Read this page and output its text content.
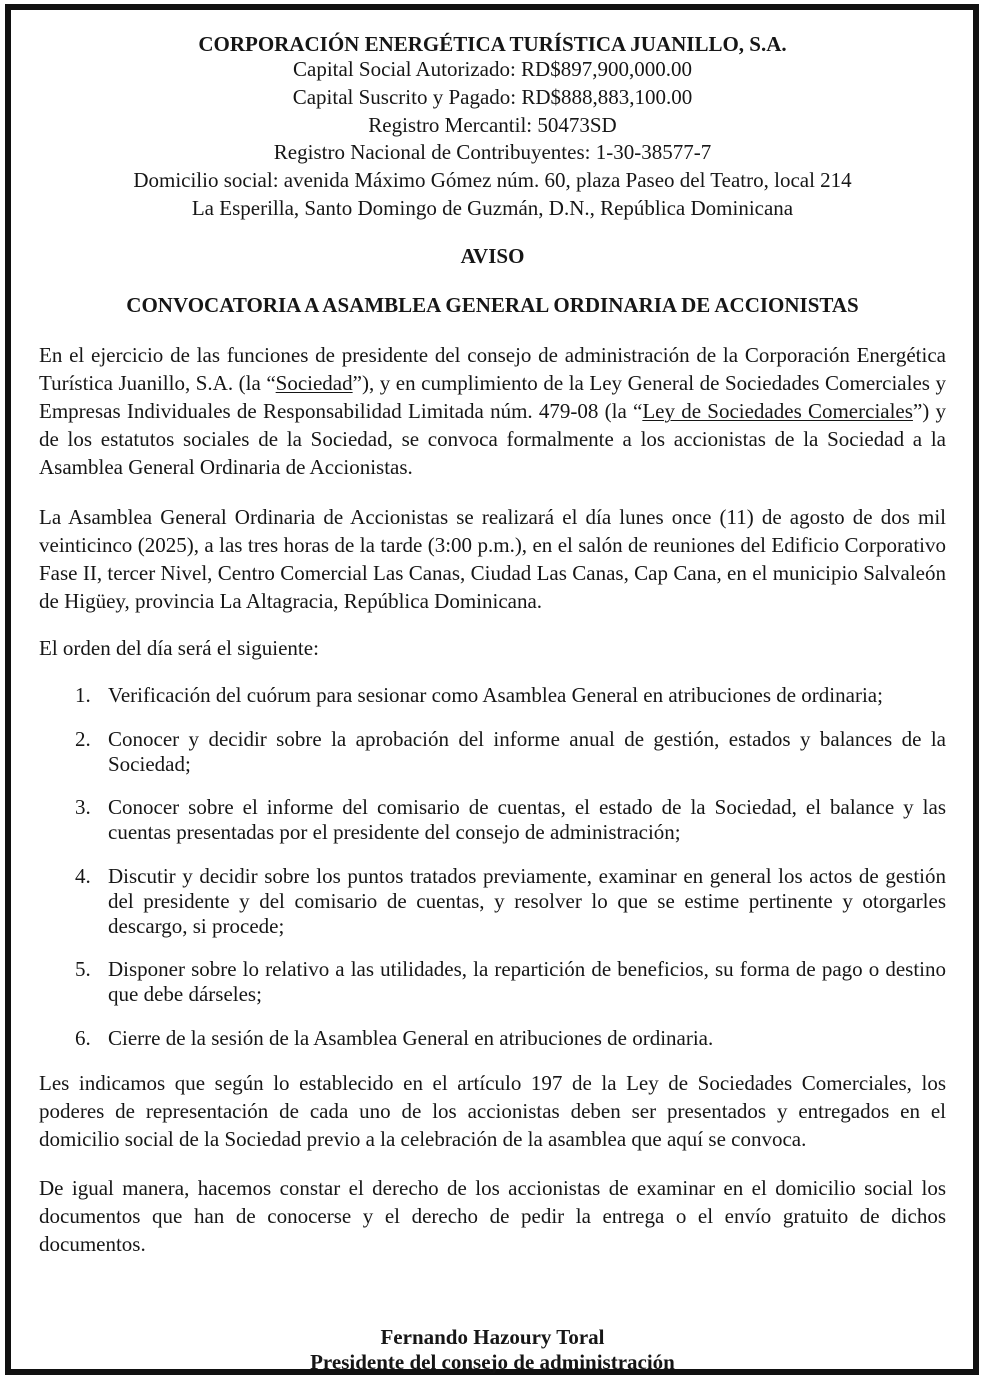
CORPORACIÓN ENERGÉTICA TURÍSTICA JUANILLO, S.A.
Capital Social Autorizado: RD$897,900,000.00
Capital Suscrito y Pagado: RD$888,883,100.00
Registro Mercantil: 50473SD
Registro Nacional de Contribuyentes: 1-30-38577-7
Domicilio social: avenida Máximo Gómez núm. 60, plaza Paseo del Teatro, local 214
La Esperilla, Santo Domingo de Guzmán, D.N., República Dominicana
AVISO
CONVOCATORIA A ASAMBLEA GENERAL ORDINARIA DE ACCIONISTAS

En el ejercicio de las funciones de presidente del consejo de administración de la Corporación Energética Turística Juanillo, S.A. (la “Sociedad”), y en cumplimiento de la Ley General de Sociedades Comerciales y Empresas Individuales de Responsabilidad Limitada núm. 479-08 (la “Ley de Sociedades Comerciales”) y de los estatutos sociales de la Sociedad, se convoca formalmente a los accionistas de la Sociedad a la Asamblea General Ordinaria de Accionistas.

La Asamblea General Ordinaria de Accionistas se realizará el día lunes once (11) de agosto de dos mil veinticinco (2025), a las tres horas de la tarde (3:00 p.m.), en el salón de reuniones del Edificio Corporativo Fase II, tercer Nivel, Centro Comercial Las Canas, Ciudad Las Canas, Cap Cana, en el municipio Salvaleón de Higüey, provincia La Altagracia, República Dominicana.

El orden del día será el siguiente:

1. Verificación del cuórum para sesionar como Asamblea General en atribuciones de ordinaria;
2. Conocer y decidir sobre la aprobación del informe anual de gestión, estados y balances de la Sociedad;
3. Conocer sobre el informe del comisario de cuentas, el estado de la Sociedad, el balance y las cuentas presentadas por el presidente del consejo de administración;
4. Discutir y decidir sobre los puntos tratados previamente, examinar en general los actos de gestión del presidente y del comisario de cuentas, y resolver lo que se estime pertinente y otorgarles descargo, si procede;
5. Disponer sobre lo relativo a las utilidades, la repartición de beneficios, su forma de pago o destino que debe dárseles;
6. Cierre de la sesión de la Asamblea General en atribuciones de ordinaria.

Les indicamos que según lo establecido en el artículo 197 de la Ley de Sociedades Comerciales, los poderes de representación de cada uno de los accionistas deben ser presentados y entregados en el domicilio social de la Sociedad previo a la celebración de la asamblea que aquí se convoca.

De igual manera, hacemos constar el derecho de los accionistas de examinar en el domicilio social los documentos que han de conocerse y el derecho de pedir la entrega o el envío gratuito de dichos documentos.

Fernando Hazoury Toral
Presidente del consejo de administración
